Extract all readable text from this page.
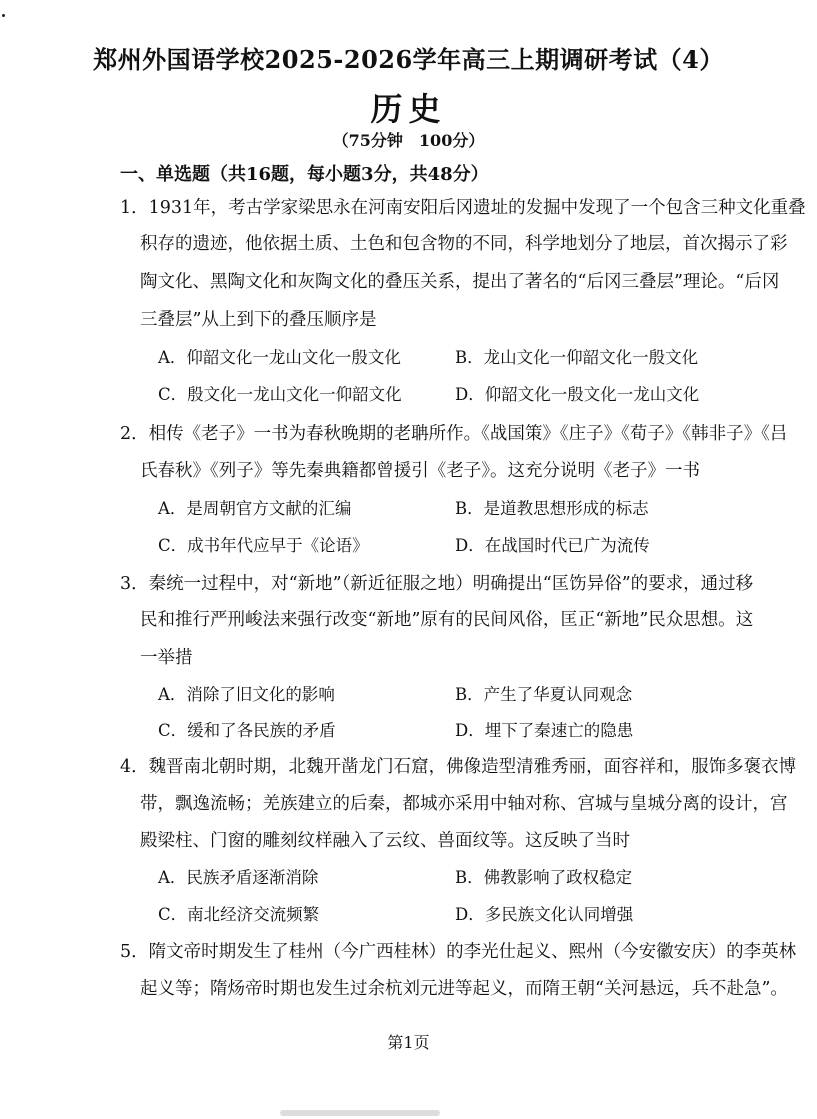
郑州外国语学校2025-2026学年高三上期调研考试（4）
历史
（75分钟　100分）
一、单选题（共16题，每小题3分，共48分）
1．1931年，考古学家梁思永在河南安阳后冈遗址的发掘中发现了一个包含三种文化重叠
积存的遗迹，他依据土质、土色和包含物的不同，科学地划分了地层，首次揭示了彩
陶文化、黑陶文化和灰陶文化的叠压关系，提出了著名的“后冈三叠层”理论。“后冈
三叠层”从上到下的叠压顺序是
A．仰韶文化一龙山文化一殷文化	B．龙山文化一仰韶文化一殷文化
C．殷文化一龙山文化一仰韶文化	D．仰韶文化一殷文化一龙山文化
2．相传《老子》一书为春秋晚期的老聃所作。《战国策》《庄子》《荀子》《韩非子》《吕
氏春秋》《列子》等先秦典籍都曾援引《老子》。这充分说明《老子》一书
A．是周朝官方文献的汇编	B．是道教思想形成的标志
C．成书年代应早于《论语》	D．在战国时代已广为流传
3．秦统一过程中，对“新地”（新近征服之地）明确提出“匡饬异俗”的要求，通过移
民和推行严刑峻法来强行改变“新地”原有的民间风俗，匡正“新地”民众思想。这
一举措
A．消除了旧文化的影响	B．产生了华夏认同观念
C．缓和了各民族的矛盾	D．埋下了秦速亡的隐患
4．魏晋南北朝时期，北魏开凿龙门石窟，佛像造型清雅秀丽，面容祥和，服饰多褒衣博
带，飘逸流畅；羌族建立的后秦，都城亦采用中轴对称、宫城与皇城分离的设计，宫
殿梁柱、门窗的雕刻纹样融入了云纹、兽面纹等。这反映了当时
A．民族矛盾逐渐消除	B．佛教影响了政权稳定
C．南北经济交流频繁	D．多民族文化认同增强
5．隋文帝时期发生了桂州（今广西桂林）的李光仕起义、熙州（今安徽安庆）的李英林
起义等；隋炀帝时期也发生过余杭刘元进等起义，而隋王朝“关河悬远，兵不赴急”。
第1页
